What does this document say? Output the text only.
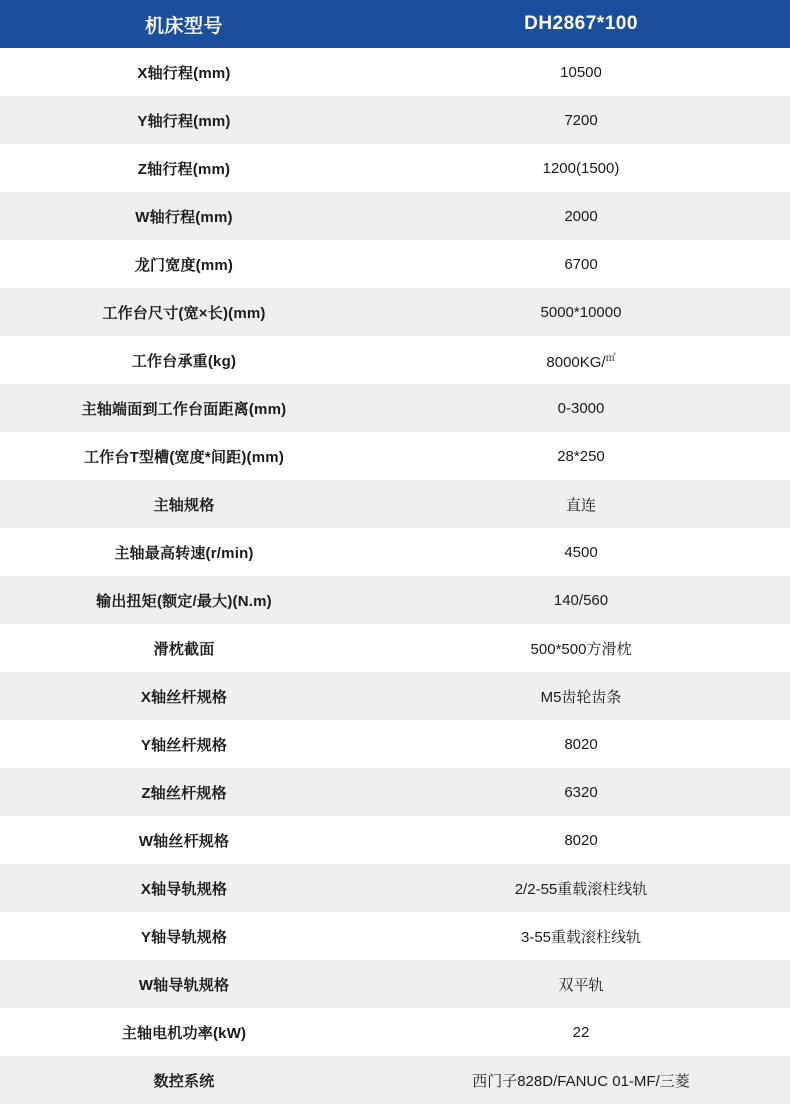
机床型号	DH2867*100
X轴行程(mm)	10500
Y轴行程(mm)	7200
Z轴行程(mm)	1200(1500)
W轴行程(mm)	2000
龙门宽度(mm)	6700
工作台尺寸(宽×长)(mm)	5000*10000
工作台承重(kg)	8000KG/㎡
主轴端面到工作台面距离(mm)	0-3000
工作台T型槽(宽度*间距)(mm)	28*250
主轴规格	直连
主轴最高转速(r/min)	4500
输出扭矩(额定/最大)(N.m)	140/560
滑枕截面	500*500方滑枕
X轴丝杆规格	M5齿轮齿条
Y轴丝杆规格	8020
Z轴丝杆规格	6320
W轴丝杆规格	8020
X轴导轨规格	2/2-55重载滚柱线轨
Y轴导轨规格	3-55重载滚柱线轨
W轴导轨规格	双平轨
主轴电机功率(kW)	22
数控系统	西门子828D/FANUC 01-MF/三菱
